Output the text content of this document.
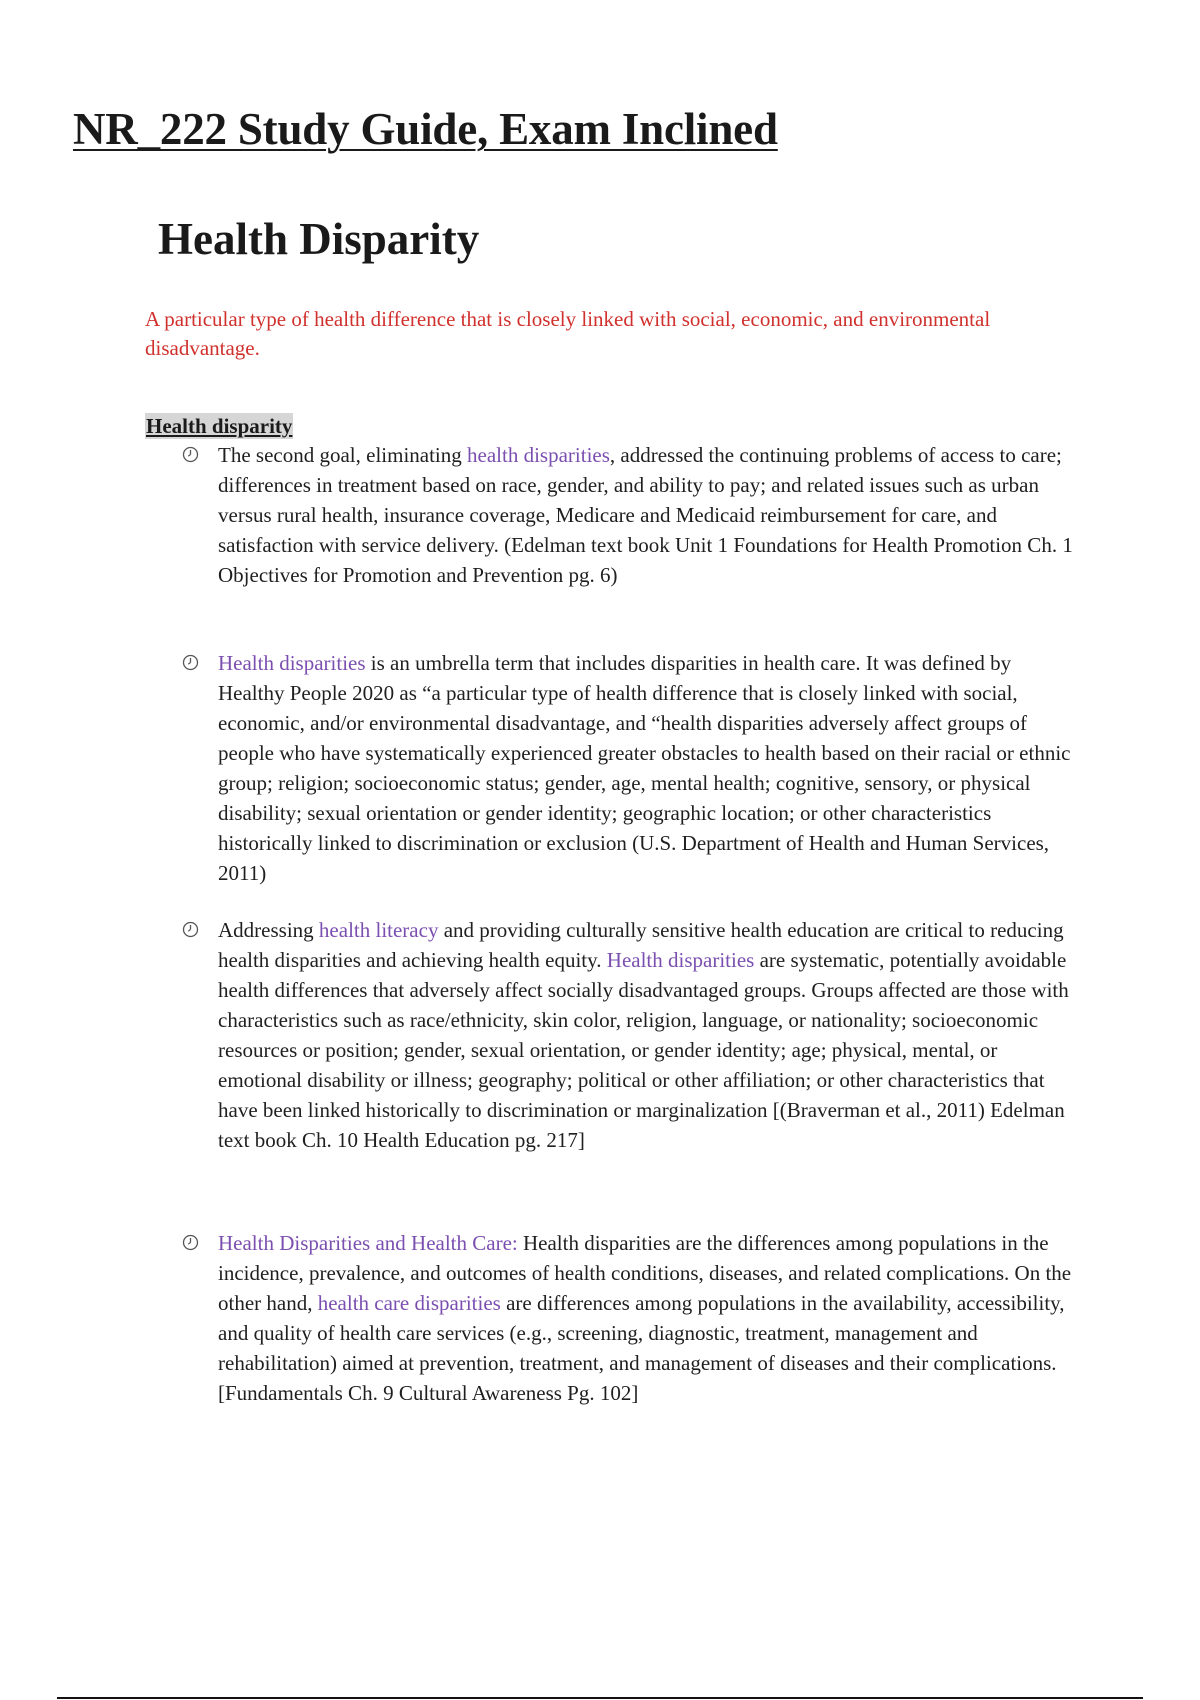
NR_222 Study Guide, Exam Inclined
Health Disparity

A particular type of health difference that is closely linked with social, economic, and environmental disadvantage.

Health disparity

The second goal, eliminating health disparities, addressed the continuing problems of access to care; differences in treatment based on race, gender, and ability to pay; and related issues such as urban versus rural health, insurance coverage, Medicare and Medicaid reimbursement for care, and satisfaction with service delivery. (Edelman text book Unit 1 Foundations for Health Promotion Ch. 1 Objectives for Promotion and Prevention pg. 6)

Health disparities is an umbrella term that includes disparities in health care. It was defined by Healthy People 2020 as “a particular type of health difference that is closely linked with social, economic, and/or environmental disadvantage, and “health disparities adversely affect groups of people who have systematically experienced greater obstacles to health based on their racial or ethnic group; religion; socioeconomic status; gender, age, mental health; cognitive, sensory, or physical disability; sexual orientation or gender identity; geographic location; or other characteristics historically linked to discrimination or exclusion (U.S. Department of Health and Human Services, 2011)

Addressing health literacy and providing culturally sensitive health education are critical to reducing health disparities and achieving health equity. Health disparities are systematic, potentially avoidable health differences that adversely affect socially disadvantaged groups. Groups affected are those with characteristics such as race/ethnicity, skin color, religion, language, or nationality; socioeconomic resources or position; gender, sexual orientation, or gender identity; age; physical, mental, or emotional disability or illness; geography; political or other affiliation; or other characteristics that have been linked historically to discrimination or marginalization [(Braverman et al., 2011) Edelman text book Ch. 10 Health Education pg. 217]

Health Disparities and Health Care: Health disparities are the differences among populations in the incidence, prevalence, and outcomes of health conditions, diseases, and related complications. On the other hand, health care disparities are differences among populations in the availability, accessibility, and quality of health care services (e.g., screening, diagnostic, treatment, management and rehabilitation) aimed at prevention, treatment, and management of diseases and their complications. [Fundamentals Ch. 9 Cultural Awareness Pg. 102]
